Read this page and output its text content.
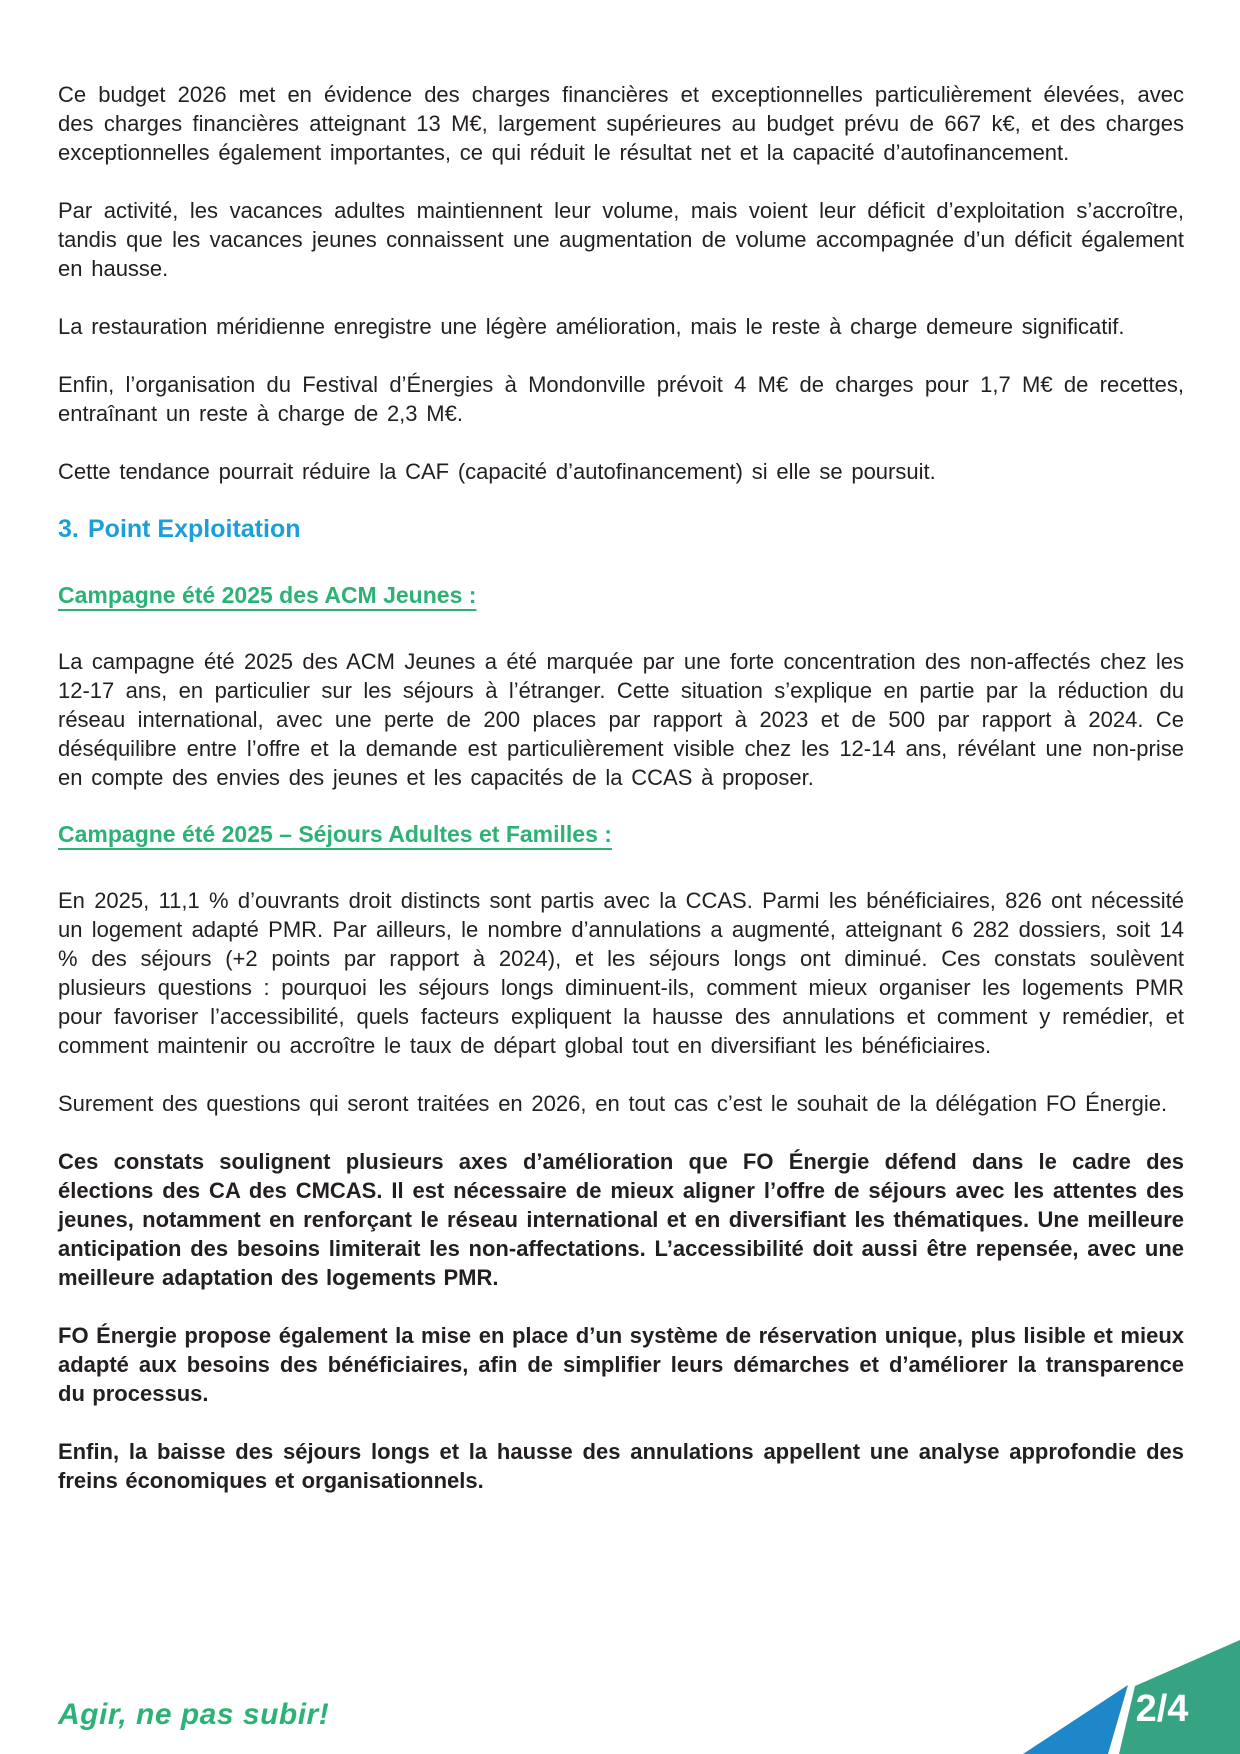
Ce budget 2026 met en évidence des charges financières et exceptionnelles particulièrement élevées, avec des charges financières atteignant 13 M€, largement supérieures au budget prévu de 667 k€, et des charges exceptionnelles également importantes, ce qui réduit le résultat net et la capacité d’autofinancement.

Par activité, les vacances adultes maintiennent leur volume, mais voient leur déficit d’exploitation s’accroître, tandis que les vacances jeunes connaissent une augmentation de volume accompagnée d’un déficit également en hausse.

La restauration méridienne enregistre une légère amélioration, mais le reste à charge demeure significatif.

Enfin, l’organisation du Festival d’Énergies à Mondonville prévoit 4 M€ de charges pour 1,7 M€ de recettes, entraînant un reste à charge de 2,3 M€.

Cette tendance pourrait réduire la CAF (capacité d’autofinancement) si elle se poursuit.

3. Point Exploitation
Campagne été 2025 des ACM Jeunes :

La campagne été 2025 des ACM Jeunes a été marquée par une forte concentration des non-affectés chez les 12-17 ans, en particulier sur les séjours à l’étranger. Cette situation s’explique en partie par la réduction du réseau international, avec une perte de 200 places par rapport à 2023 et de 500 par rapport à 2024. Ce déséquilibre entre l’offre et la demande est particulièrement visible chez les 12-14 ans, révélant une non-prise en compte des envies des jeunes et les capacités de la CCAS à proposer.

Campagne été 2025 – Séjours Adultes et Familles :

En 2025, 11,1 % d’ouvrants droit distincts sont partis avec la CCAS. Parmi les bénéficiaires, 826 ont nécessité un logement adapté PMR. Par ailleurs, le nombre d’annulations a augmenté, atteignant 6 282 dossiers, soit 14 % des séjours (+2 points par rapport à 2024), et les séjours longs ont diminué. Ces constats soulèvent plusieurs questions : pourquoi les séjours longs diminuent-ils, comment mieux organiser les logements PMR pour favoriser l’accessibilité, quels facteurs expliquent la hausse des annulations et comment y remédier, et comment maintenir ou accroître le taux de départ global tout en diversifiant les bénéficiaires.

Surement des questions qui seront traitées en 2026, en tout cas c’est le souhait de la délégation FO Énergie.

Ces constats soulignent plusieurs axes d’amélioration que FO Énergie défend dans le cadre des élections des CA des CMCAS. Il est nécessaire de mieux aligner l’offre de séjours avec les attentes des jeunes, notamment en renforçant le réseau international et en diversifiant les thématiques. Une meilleure anticipation des besoins limiterait les non-affectations. L’accessibilité doit aussi être repensée, avec une meilleure adaptation des logements PMR.

FO Énergie propose également la mise en place d’un système de réservation unique, plus lisible et mieux adapté aux besoins des bénéficiaires, afin de simplifier leurs démarches et d’améliorer la transparence du processus.

Enfin, la baisse des séjours longs et la hausse des annulations appellent une analyse approfondie des freins économiques et organisationnels.

Agir, ne pas subir!	2/4
